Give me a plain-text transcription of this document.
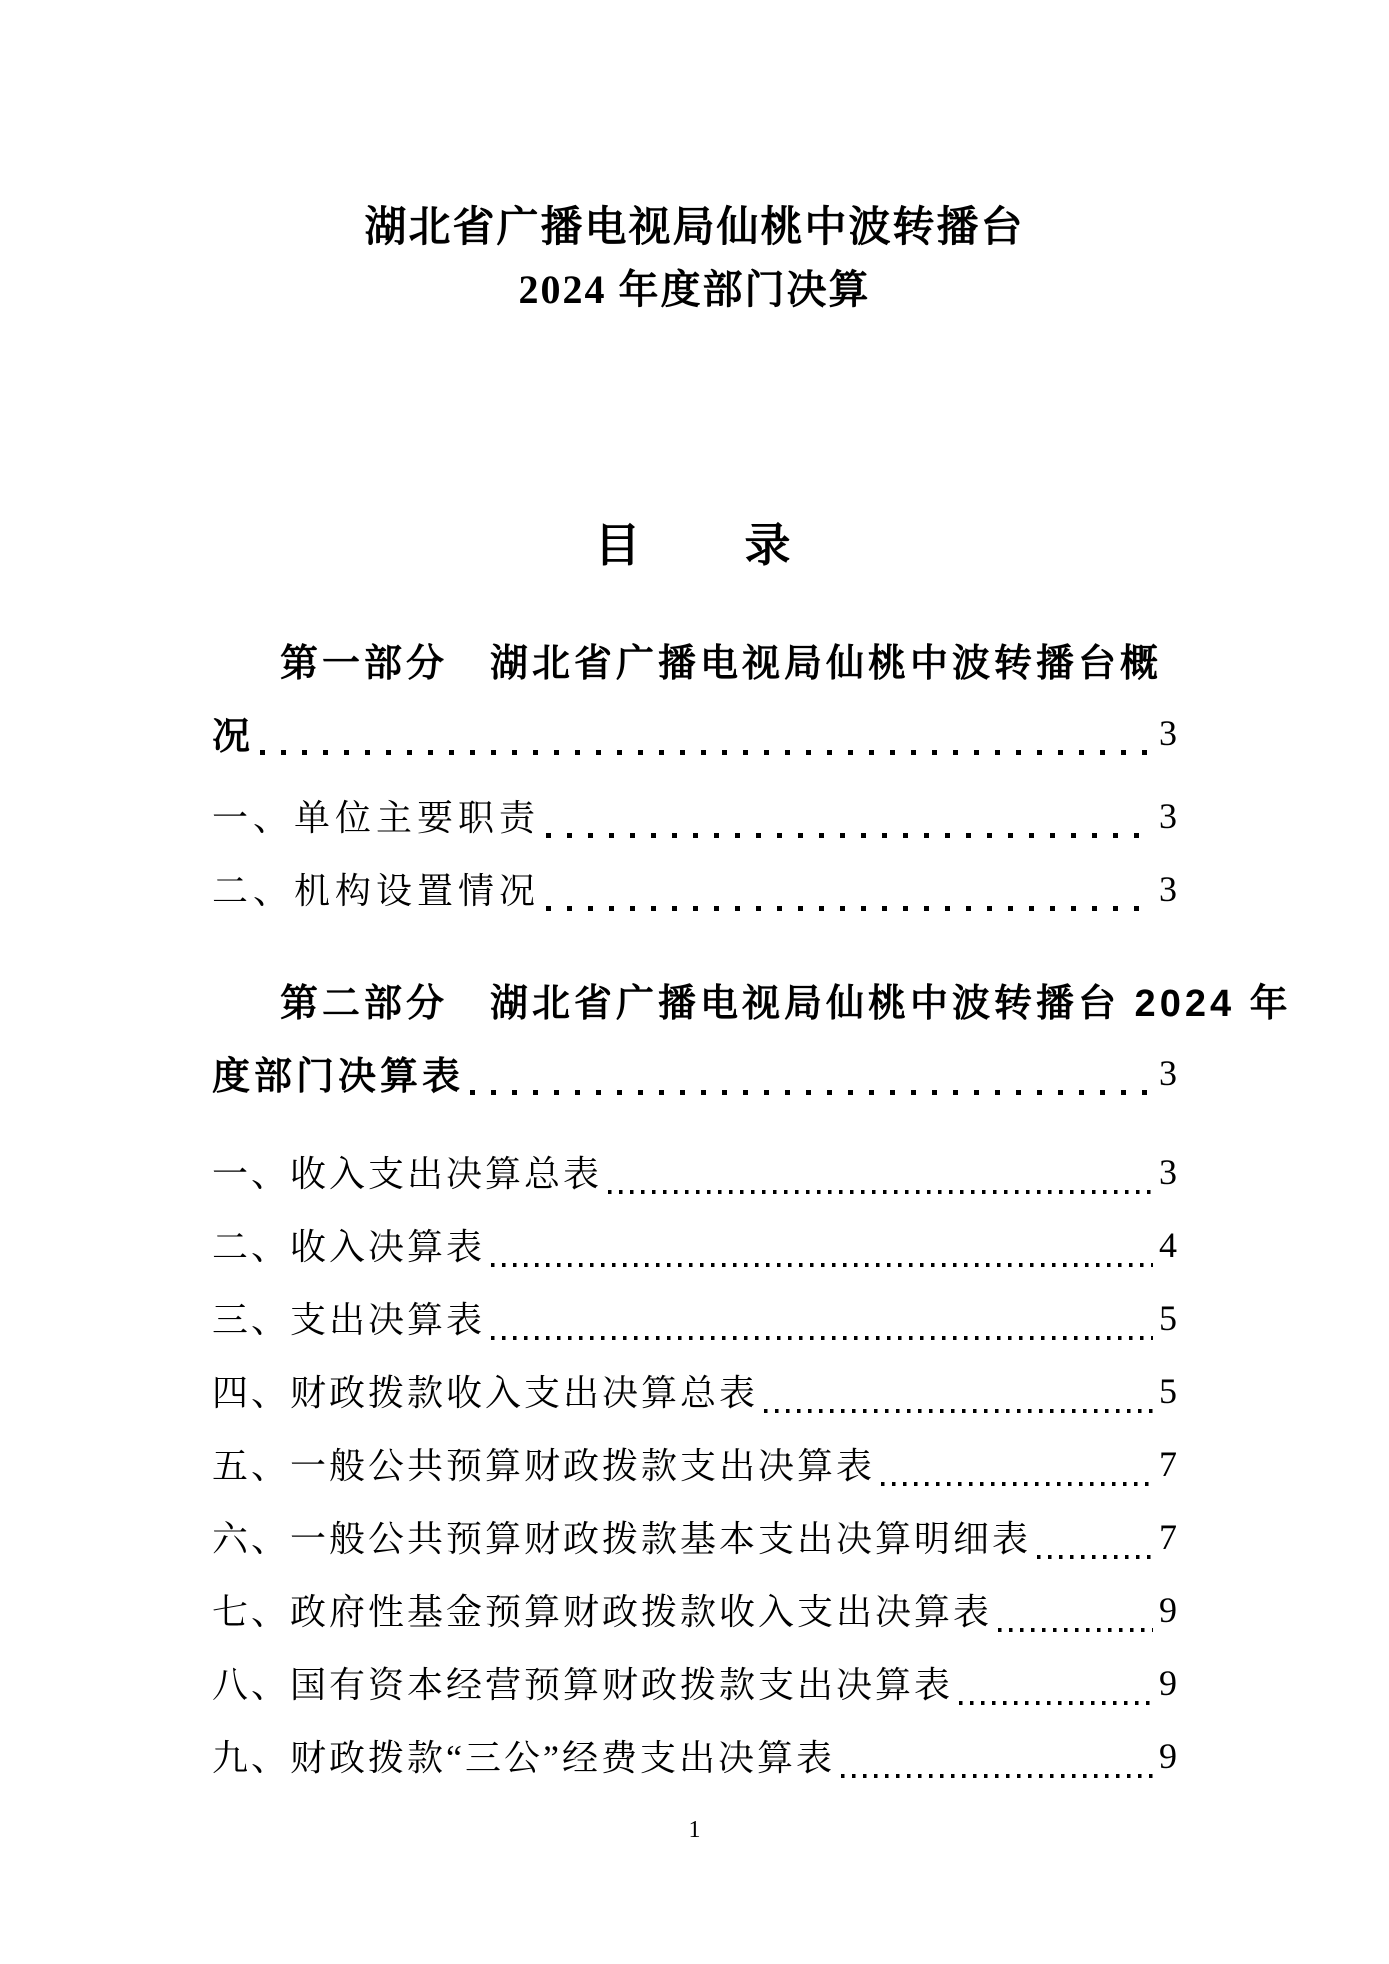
湖北省广播电视局仙桃中波转播台
2024 年度部门决算
目　　录
第一部分　湖北省广播电视局仙桃中波转播台概
况	3
一、单位主要职责	3
二、机构设置情况	3
第二部分　湖北省广播电视局仙桃中波转播台 2024 年
度部门决算表	3
一、收入支出决算总表	3
二、收入决算表	4
三、支出决算表	5
四、财政拨款收入支出决算总表	5
五、一般公共预算财政拨款支出决算表	7
六、一般公共预算财政拨款基本支出决算明细表	7
七、政府性基金预算财政拨款收入支出决算表	9
八、国有资本经营预算财政拨款支出决算表	9
九、财政拨款“三公”经费支出决算表	9
1
